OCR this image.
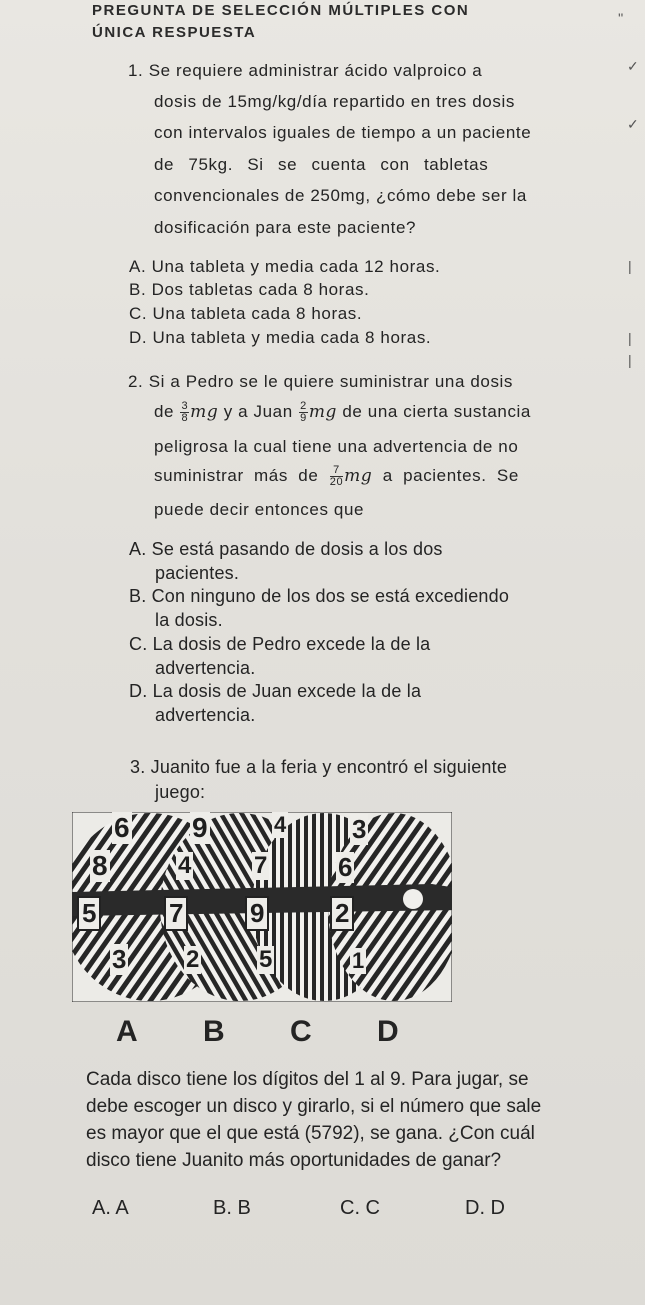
PREGUNTA DE SELECCIÓN MÚLTIPLES CON
ÚNICA RESPUESTA
''
✓
✓
|
|
|
1. Se requiere administrar ácido valproico a
dosis de 15mg/kg/día repartido en tres dosis
con intervalos iguales de tiempo a un paciente
de 75kg. Si se cuenta con tabletas
convencionales de 250mg, ¿cómo debe ser la
dosificación para este paciente?
A. Una tableta y media cada 12 horas.
B. Dos tabletas cada 8 horas.
C. Una tableta cada 8 horas.
D. Una tableta y media cada 8 horas.
2. Si a Pedro se le quiere suministrar una dosis
de $\frac{3}{8}$ mg y a Juan $\frac{2}{9}$ mg de una cierta sustancia
peligrosa la cual tiene una advertencia de no
suministrar más de $\frac{7}{20}$ mg a pacientes. Se
puede decir entonces que
A. Se está pasando de dosis a los dos
pacientes.
B. Con ninguno de los dos se está excediendo
la dosis.
C. La dosis de Pedro excede la de la
advertencia.
D. La dosis de Juan excede la de la
advertencia.
3. Juanito fue a la feria y encontró el siguiente
juego:
6
8
5
3
9
4
7
2
4
7
9
5
3
6
2
1
A B C D
Cada disco tiene los dígitos del 1 al 9. Para jugar, se
debe escoger un disco y girarlo, si el número que sale
es mayor que el que está (5792), se gana. ¿Con cuál
disco tiene Juanito más oportunidades de ganar?
A. A	B. B	C. C	D. D
